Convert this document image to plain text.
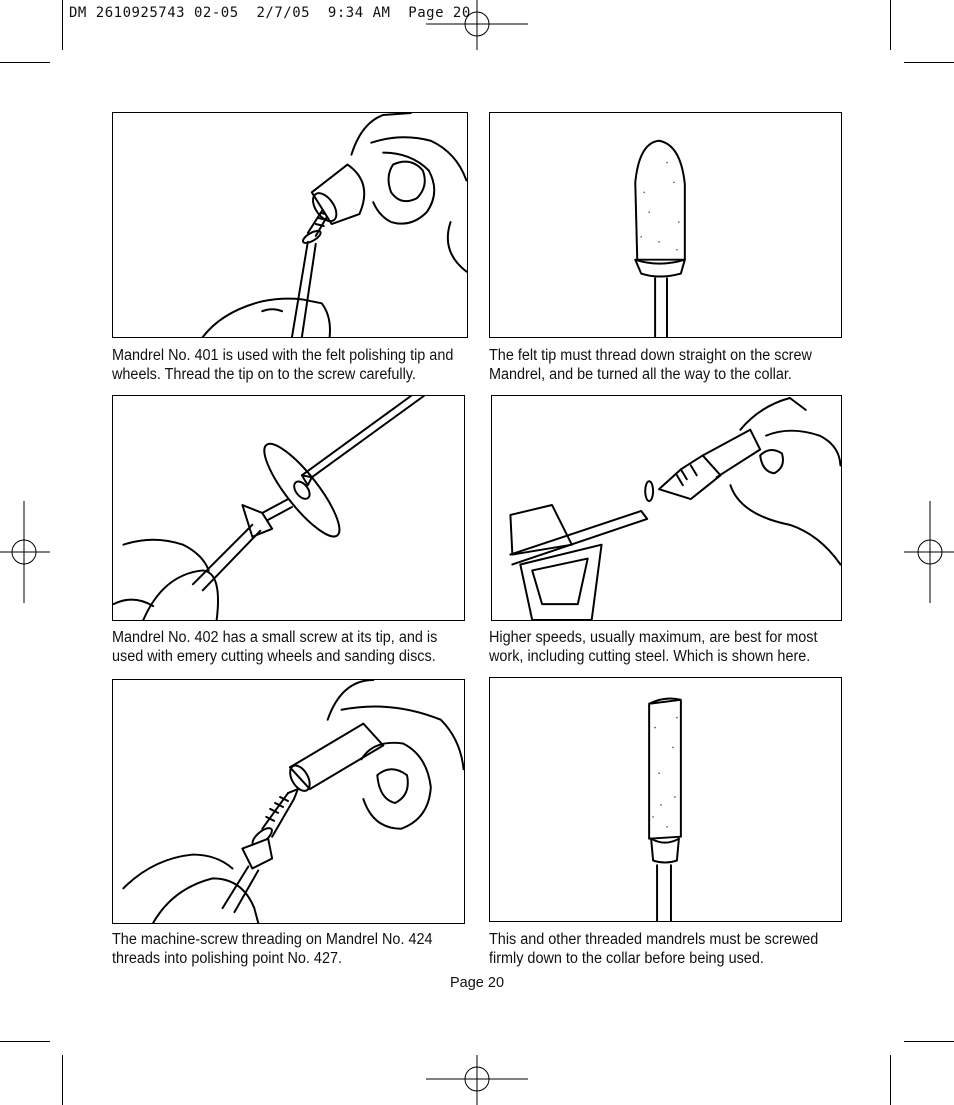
DM 2610925743 02-05  2/7/05  9:34 AM  Page 20
Mandrel No. 401 is used with the felt polishing tip and
wheels. Thread the tip on to the screw carefully.
The felt tip must thread down straight on the screw
Mandrel, and be turned all the way to the collar.
Mandrel No. 402 has a small screw at its tip, and is
used with emery cutting wheels and sanding discs.
Higher speeds, usually maximum, are best for most
work, including cutting steel. Which is shown here.
The machine-screw threading on Mandrel No. 424
threads into polishing point No. 427.
This and other threaded mandrels must be screwed
firmly down to the collar before being used.
Page 20
